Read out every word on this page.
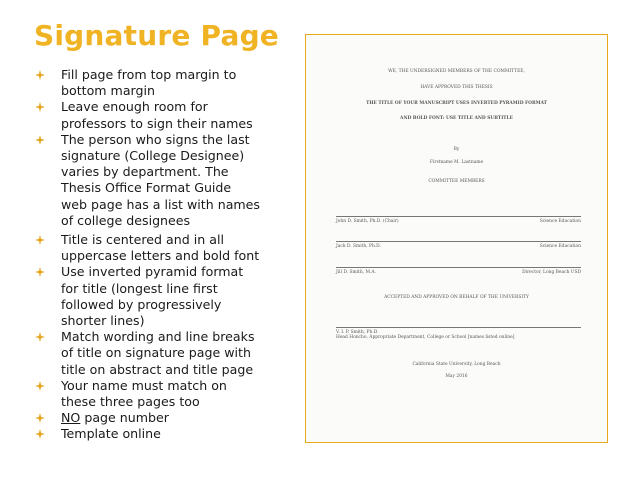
Signature Page
Fill page from top margin to
bottom margin
Leave enough room for
professors to sign their names
The person who signs the last
signature (College Designee)
varies by department. The
Thesis Office Format Guide
web page has a list with names
of college designees
Title is centered and in all
uppercase letters and bold font
Use inverted pyramid format
for title (longest line first
followed by progressively
shorter lines)
Match wording and line breaks
of title on signature page with
title on abstract and title page
Your name must match on
these three pages too
NO page number
Template online
WE, THE UNDERSIGNED MEMBERS OF THE COMMITTEE,
HAVE APPROVED THIS THESIS
THE TITLE OF YOUR MANUSCRIPT USES INVERTED PYRAMID FORMAT
AND BOLD FONT: USE TITLE AND SUBTITLE
By
Firstname M. Lastname
COMMITTEE MEMBERS
John D. Smith, Ph.D. (Chair)	Science Education
Jack D. Smith, Ph.D.	Science Education
Jill D. Smith, M.A.	Director, Long Beach USD
ACCEPTED AND APPROVED ON BEHALF OF THE UNIVERSITY
V. I. P. Smith, Ph.D.
Head Honcho, Appropriate Department, College or School [names listed online]
California State University, Long Beach
May 2016
